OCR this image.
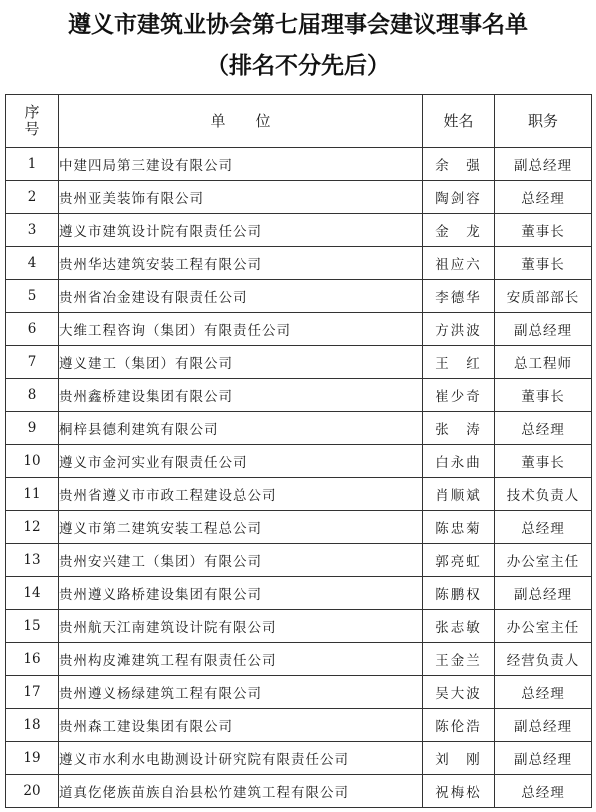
遵义市建筑业协会第七届理事会建议理事名单
（排名不分先后）
序
号	单位	姓名	职务
1	中建四局第三建设有限公司	余　强	副总经理
2	贵州亚美装饰有限公司	陶剑容	总经理
3	遵义市建筑设计院有限责任公司	金　龙	董事长
4	贵州华达建筑安装工程有限公司	祖应六	董事长
5	贵州省冶金建设有限责任公司	李德华	安质部部长
6	大维工程咨询（集团）有限责任公司	方洪波	副总经理
7	遵义建工（集团）有限公司	王　红	总工程师
8	贵州鑫桥建设集团有限公司	崔少奇	董事长
9	桐梓县德利建筑有限公司	张　涛	总经理
10	遵义市金河实业有限责任公司	白永曲	董事长
11	贵州省遵义市市政工程建设总公司	肖顺斌	技术负责人
12	遵义市第二建筑安装工程总公司	陈忠菊	总经理
13	贵州安兴建工（集团）有限公司	郭亮虹	办公室主任
14	贵州遵义路桥建设集团有限公司	陈鹏权	副总经理
15	贵州航天江南建筑设计院有限公司	张志敏	办公室主任
16	贵州构皮滩建筑工程有限责任公司	王金兰	经营负责人
17	贵州遵义杨绿建筑工程有限公司	吴大波	总经理
18	贵州森工建设集团有限公司	陈伦浩	副总经理
19	遵义市水利水电勘测设计研究院有限责任公司	刘　刚	副总经理
20	道真仡佬族苗族自治县松竹建筑工程有限公司	祝梅松	总经理
